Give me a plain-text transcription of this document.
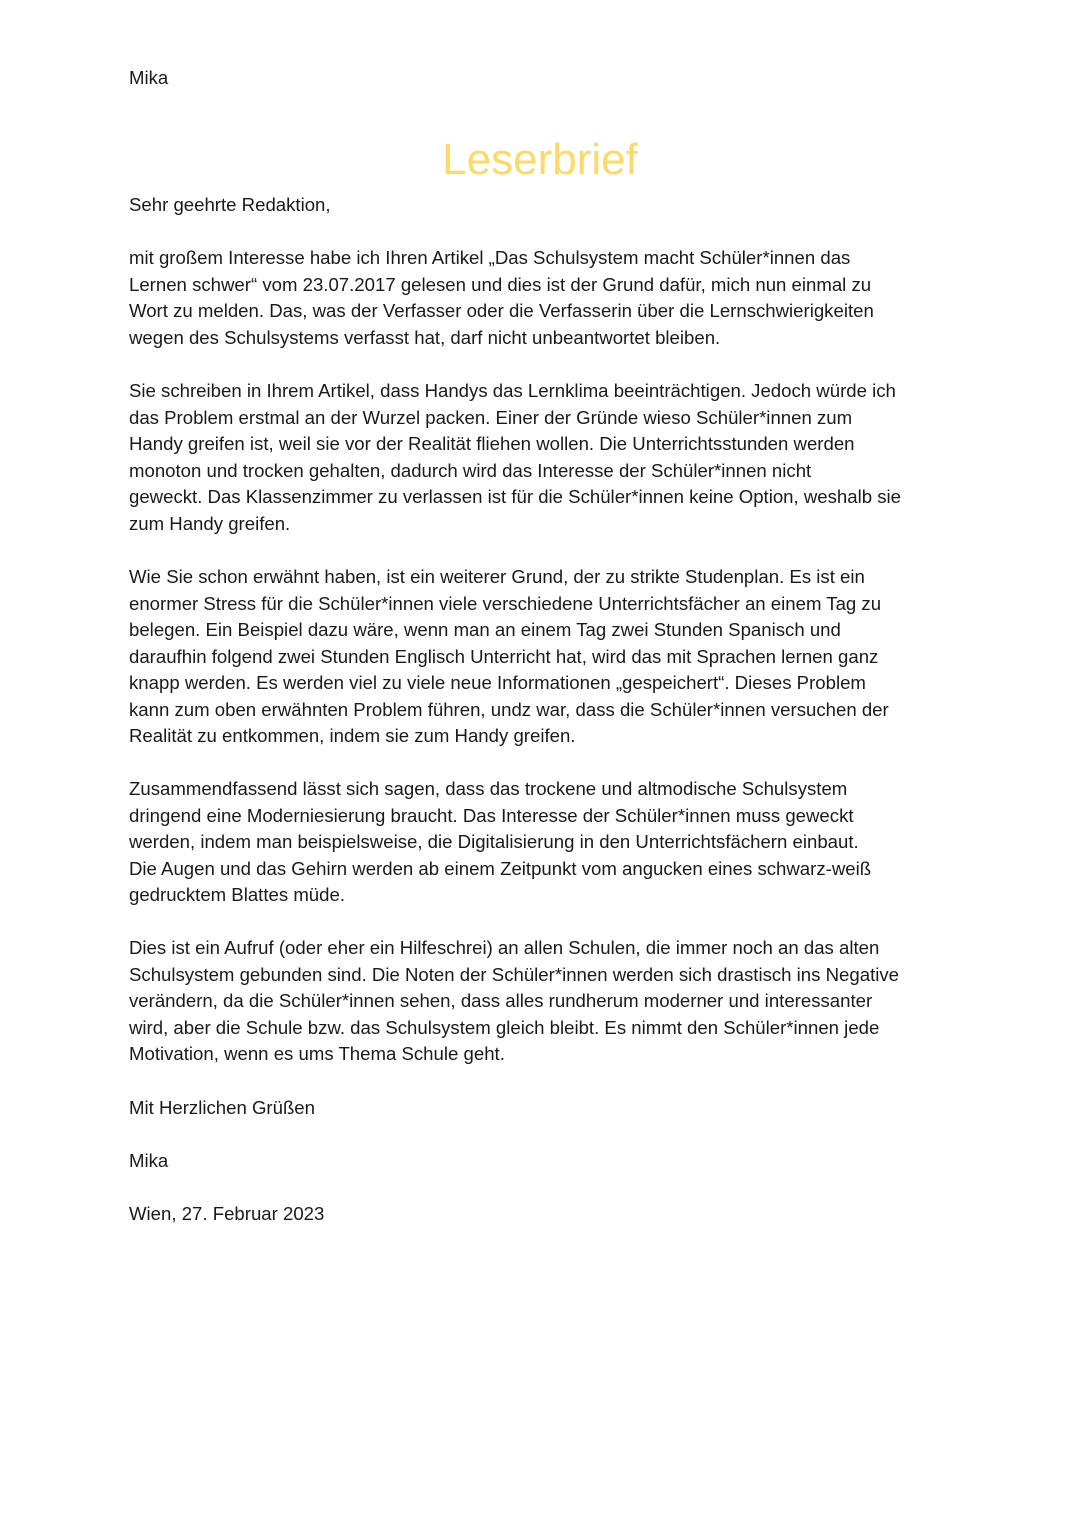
Mika
Leserbrief
Sehr geehrte Redaktion,
mit großem Interesse habe ich Ihren Artikel „Das Schulsystem macht Schüler*innen das
Lernen schwer“ vom 23.07.2017 gelesen und dies ist der Grund dafür, mich nun einmal zu
Wort zu melden. Das, was der Verfasser oder die Verfasserin über die Lernschwierigkeiten
wegen des Schulsystems verfasst hat, darf nicht unbeantwortet bleiben.
Sie schreiben in Ihrem Artikel, dass Handys das Lernklima beeinträchtigen. Jedoch würde ich
das Problem erstmal an der Wurzel packen. Einer der Gründe wieso Schüler*innen zum
Handy greifen ist, weil sie vor der Realität fliehen wollen. Die Unterrichtsstunden werden
monoton und trocken gehalten, dadurch wird das Interesse der Schüler*innen nicht
geweckt. Das Klassenzimmer zu verlassen ist für die Schüler*innen keine Option, weshalb sie
zum Handy greifen.
Wie Sie schon erwähnt haben, ist ein weiterer Grund, der zu strikte Studenplan. Es ist ein
enormer Stress für die Schüler*innen viele verschiedene Unterrichtsfächer an einem Tag zu
belegen. Ein Beispiel dazu wäre, wenn man an einem Tag zwei Stunden Spanisch und
daraufhin folgend zwei Stunden Englisch Unterricht hat, wird das mit Sprachen lernen ganz
knapp werden. Es werden viel zu viele neue Informationen „gespeichert“. Dieses Problem
kann zum oben erwähnten Problem führen, undz war, dass die Schüler*innen versuchen der
Realität zu entkommen, indem sie zum Handy greifen.
Zusammendfassend lässt sich sagen, dass das trockene und altmodische Schulsystem
dringend eine Moderniesierung braucht. Das Interesse der Schüler*innen muss geweckt
werden, indem man beispielsweise, die Digitalisierung in den Unterrichtsfächern einbaut.
Die Augen und das Gehirn werden ab einem Zeitpunkt vom angucken eines schwarz-weiß
gedrucktem Blattes müde.
Dies ist ein Aufruf (oder eher ein Hilfeschrei) an allen Schulen, die immer noch an das alten
Schulsystem gebunden sind. Die Noten der Schüler*innen werden sich drastisch ins Negative
verändern, da die Schüler*innen sehen, dass alles rundherum moderner und interessanter
wird, aber die Schule bzw. das Schulsystem gleich bleibt. Es nimmt den Schüler*innen jede
Motivation, wenn es ums Thema Schule geht.
Mit Herzlichen Grüßen
Mika
Wien, 27. Februar 2023
